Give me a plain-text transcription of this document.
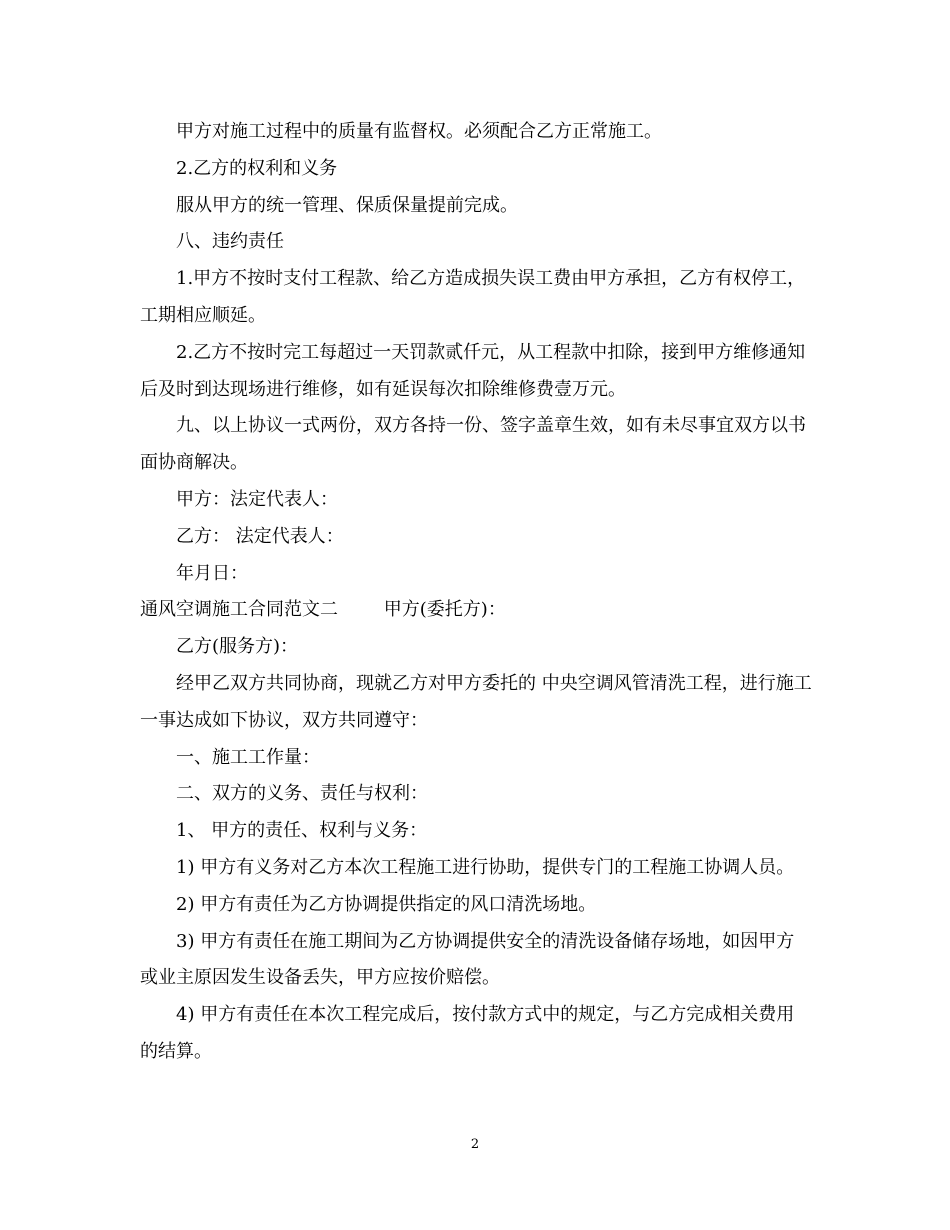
甲方对施工过程中的质量有监督权。必须配合乙方正常施工。

2.乙方的权利和义务

服从甲方的统一管理、保质保量提前完成。

八、违约责任

1.甲方不按时支付工程款、给乙方造成损失误工费由甲方承担，乙方有权停工，工期相应顺延。

2.乙方不按时完工每超过一天罚款贰仟元，从工程款中扣除，接到甲方维修通知后及时到达现场进行维修，如有延误每次扣除维修费壹万元。

九、以上协议一式两份，双方各持一份、签字盖章生效，如有未尽事宜双方以书面协商解决。

甲方：法定代表人：

乙方： 法定代表人：

年月日：

通风空调施工合同范文二        甲方(委托方)：

乙方(服务方)：

经甲乙双方共同协商，现就乙方对甲方委托的 中央空调风管清洗工程，进行施工一事达成如下协议，双方共同遵守：

一、施工工作量：

二、双方的义务、责任与权利：

1、 甲方的责任、权利与义务：

1) 甲方有义务对乙方本次工程施工进行协助，提供专门的工程施工协调人员。

2) 甲方有责任为乙方协调提供指定的风口清洗场地。

3) 甲方有责任在施工期间为乙方协调提供安全的清洗设备储存场地，如因甲方或业主原因发生设备丢失，甲方应按价赔偿。

4) 甲方有责任在本次工程完成后，按付款方式中的规定，与乙方完成相关费用的结算。

2
